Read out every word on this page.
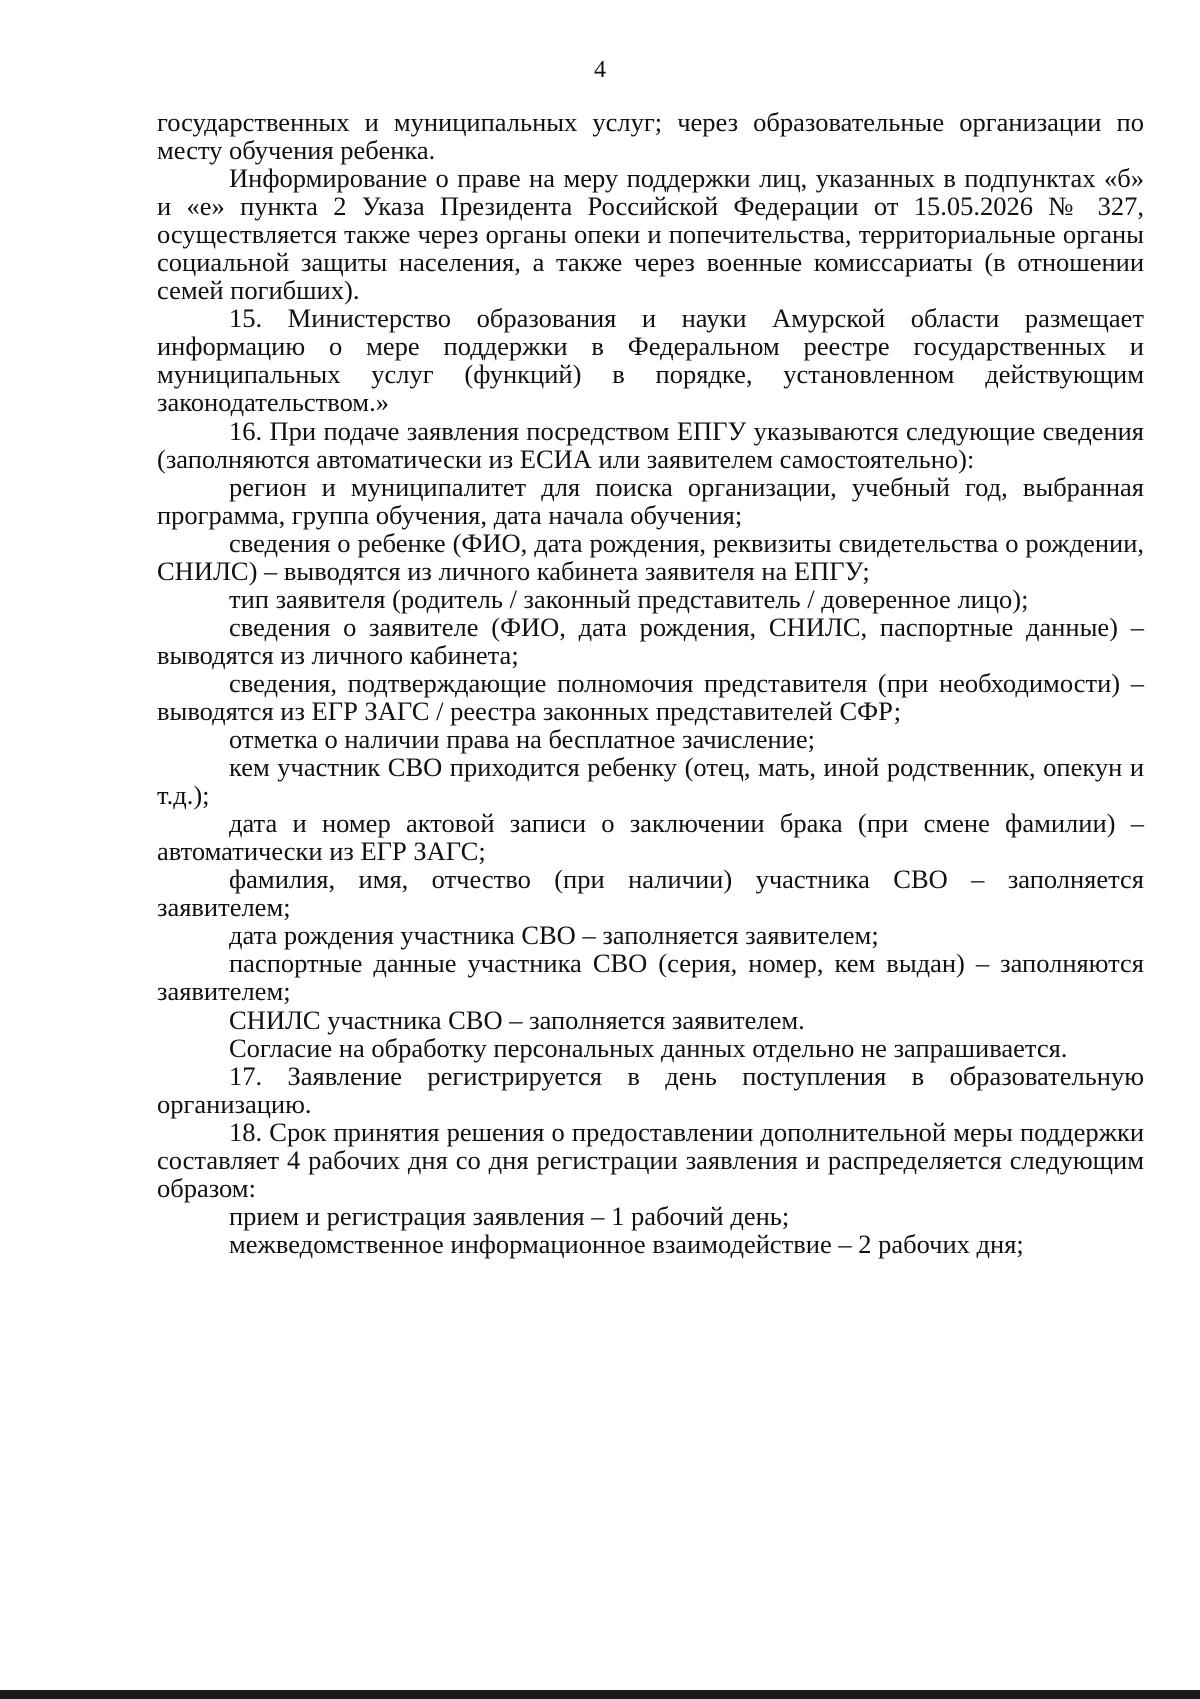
4

государственных и муниципальных услуг; через образовательные организации по месту обучения ребенка.

Информирование о праве на меру поддержки лиц, указанных в подпунктах «б» и «е» пункта 2 Указа Президента Российской Федерации от 15.05.2026 № 327, осуществляется также через органы опеки и попечительства, территориальные органы социальной защиты населения, а также через военные комиссариаты (в отношении семей погибших).

15. Министерство образования и науки Амурской области размещает информацию о мере поддержки в Федеральном реестре государственных и муниципальных услуг (функций) в порядке, установленном действующим законодательством.»

16. При подаче заявления посредством ЕПГУ указываются следующие сведения (заполняются автоматически из ЕСИА или заявителем самостоятельно):

регион и муниципалитет для поиска организации, учебный год, выбранная программа, группа обучения, дата начала обучения;

сведения о ребенке (ФИО, дата рождения, реквизиты свидетельства о рождении, СНИЛС) – выводятся из личного кабинета заявителя на ЕПГУ;

тип заявителя (родитель / законный представитель / доверенное лицо);

сведения о заявителе (ФИО, дата рождения, СНИЛС, паспортные данные) – выводятся из личного кабинета;

сведения, подтверждающие полномочия представителя (при необходимости) – выводятся из ЕГР ЗАГС / реестра законных представителей СФР;

отметка о наличии права на бесплатное зачисление;

кем участник СВО приходится ребенку (отец, мать, иной родственник, опекун и т.д.);

дата и номер актовой записи о заключении брака (при смене фамилии) – автоматически из ЕГР ЗАГС;

фамилия, имя, отчество (при наличии) участника СВО – заполняется заявителем;

дата рождения участника СВО – заполняется заявителем;

паспортные данные участника СВО (серия, номер, кем выдан) – заполняются заявителем;

СНИЛС участника СВО – заполняется заявителем.

Согласие на обработку персональных данных отдельно не запрашивается.

17. Заявление регистрируется в день поступления в образовательную организацию.

18. Срок принятия решения о предоставлении дополнительной меры поддержки составляет 4 рабочих дня со дня регистрации заявления и распределяется следующим образом:

прием и регистрация заявления – 1 рабочий день;

межведомственное информационное взаимодействие – 2 рабочих дня;
